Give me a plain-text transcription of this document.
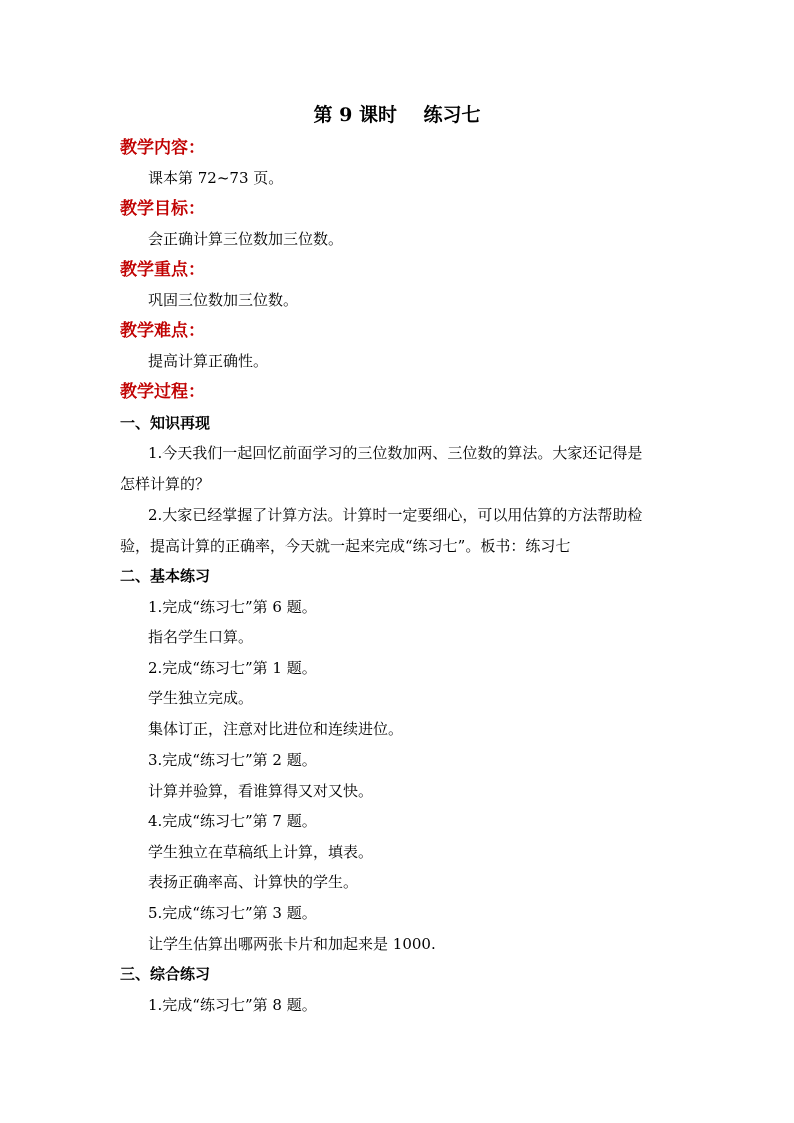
第 9 课时    练习七
教学内容：
课本第 72~73 页。
教学目标：
会正确计算三位数加三位数。
教学重点：
巩固三位数加三位数。
教学难点：
提高计算正确性。
教学过程：
一、知识再现
1.今天我们一起回忆前面学习的三位数加两、三位数的算法。大家还记得是
怎样计算的？
2.大家已经掌握了计算方法。计算时一定要细心，可以用估算的方法帮助检
验，提高计算的正确率，今天就一起来完成“练习七”。板书：练习七
二、基本练习
1.完成“练习七”第 6 题。
指名学生口算。
2.完成“练习七”第 1 题。
学生独立完成。
集体订正，注意对比进位和连续进位。
3.完成“练习七”第 2 题。
计算并验算，看谁算得又对又快。
4.完成“练习七”第 7 题。
学生独立在草稿纸上计算，填表。
表扬正确率高、计算快的学生。
5.完成“练习七”第 3 题。
让学生估算出哪两张卡片和加起来是 1000.
三、综合练习
1.完成“练习七”第 8 题。
